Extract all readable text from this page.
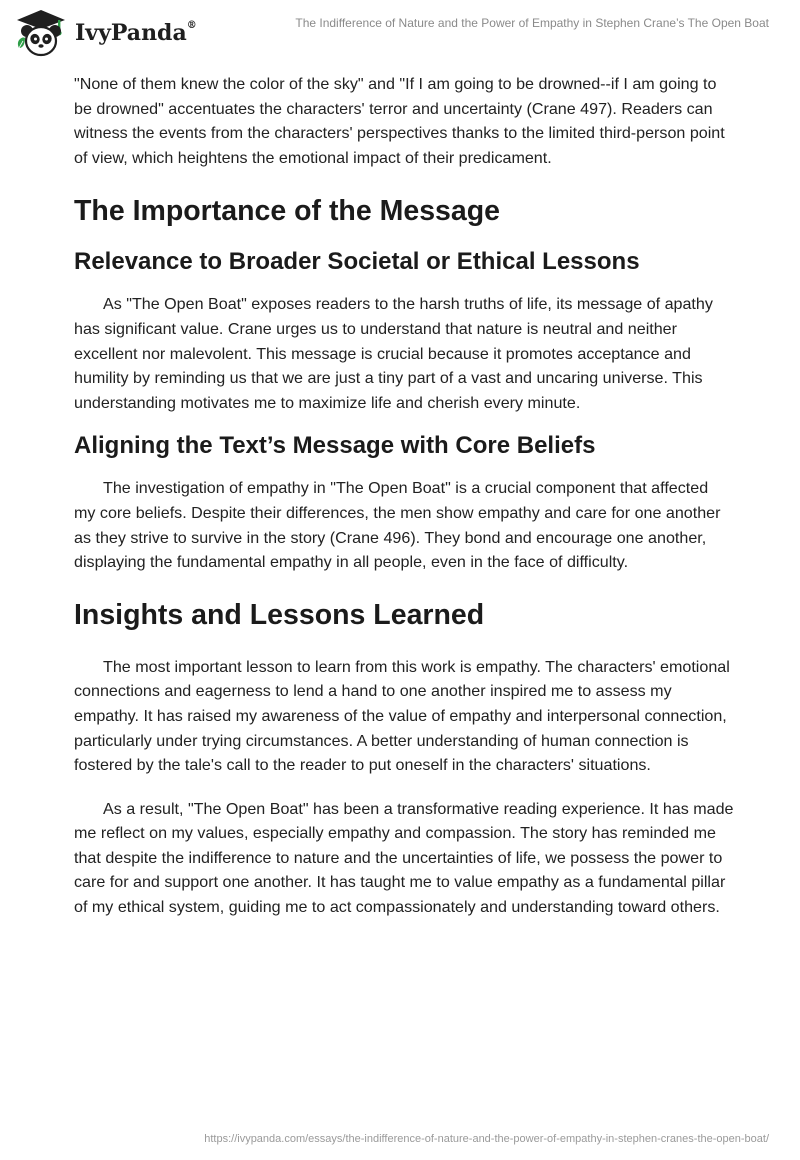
IvyPanda®	The Indifference of Nature and the Power of Empathy in Stephen Crane’s The Open Boat

"None of them knew the color of the sky" and "If I am going to be drowned--if I am going to be drowned" accentuates the characters' terror and uncertainty (Crane 497). Readers can witness the events from the characters' perspectives thanks to the limited third-person point of view, which heightens the emotional impact of their predicament.

The Importance of the Message
Relevance to Broader Societal or Ethical Lessons

As "The Open Boat" exposes readers to the harsh truths of life, its message of apathy has significant value. Crane urges us to understand that nature is neutral and neither excellent nor malevolent. This message is crucial because it promotes acceptance and humility by reminding us that we are just a tiny part of a vast and uncaring universe. This understanding motivates me to maximize life and cherish every minute.

Aligning the Text’s Message with Core Beliefs

The investigation of empathy in "The Open Boat" is a crucial component that affected my core beliefs. Despite their differences, the men show empathy and care for one another as they strive to survive in the story (Crane 496). They bond and encourage one another, displaying the fundamental empathy in all people, even in the face of difficulty.

Insights and Lessons Learned

The most important lesson to learn from this work is empathy. The characters' emotional connections and eagerness to lend a hand to one another inspired me to assess my empathy. It has raised my awareness of the value of empathy and interpersonal connection, particularly under trying circumstances. A better understanding of human connection is fostered by the tale's call to the reader to put oneself in the characters' situations.

As a result, "The Open Boat" has been a transformative reading experience. It has made me reflect on my values, especially empathy and compassion. The story has reminded me that despite the indifference to nature and the uncertainties of life, we possess the power to care for and support one another. It has taught me to value empathy as a fundamental pillar of my ethical system, guiding me to act compassionately and understanding toward others.

https://ivypanda.com/essays/the-indifference-of-nature-and-the-power-of-empathy-in-stephen-cranes-the-open-boat/
